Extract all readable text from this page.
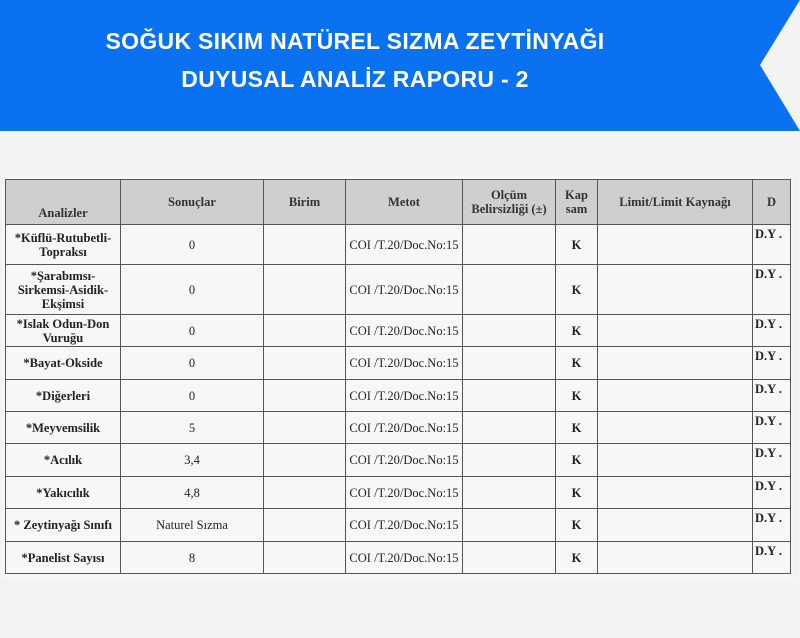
SOĞUK SIKIM NATÜREL SIZMA ZEYTİNYAĞI
DUYUSAL ANALİZ RAPORU - 2
Analizler	Sonuçlar	Birim	Metot	Olçüm Belirsizliği (±)	Kap sam	Limit/Limit Kaynağı	D
*Küflü-Rutubetli-Topraksı	0		COI /T.20/Doc.No:15		K		D.Y .
*Şarabımsı-Sirkemsi-Asidik-Ekşimsi	0		COI /T.20/Doc.No:15		K		D.Y .
*Islak Odun-Don Vuruğu	0		COI /T.20/Doc.No:15		K		D.Y .
*Bayat-Okside	0		COI /T.20/Doc.No:15		K		D.Y .
*Diğerleri	0		COI /T.20/Doc.No:15		K		D.Y .
*Meyvemsilik	5		COI /T.20/Doc.No:15		K		D.Y .
*Acılık	3,4		COI /T.20/Doc.No:15		K		D.Y .
*Yakıcılık	4,8		COI /T.20/Doc.No:15		K		D.Y .
* Zeytinyağı Sınıfı	Naturel Sızma		COI /T.20/Doc.No:15		K		D.Y .
*Panelist Sayısı	8		COI /T.20/Doc.No:15		K		D.Y .
